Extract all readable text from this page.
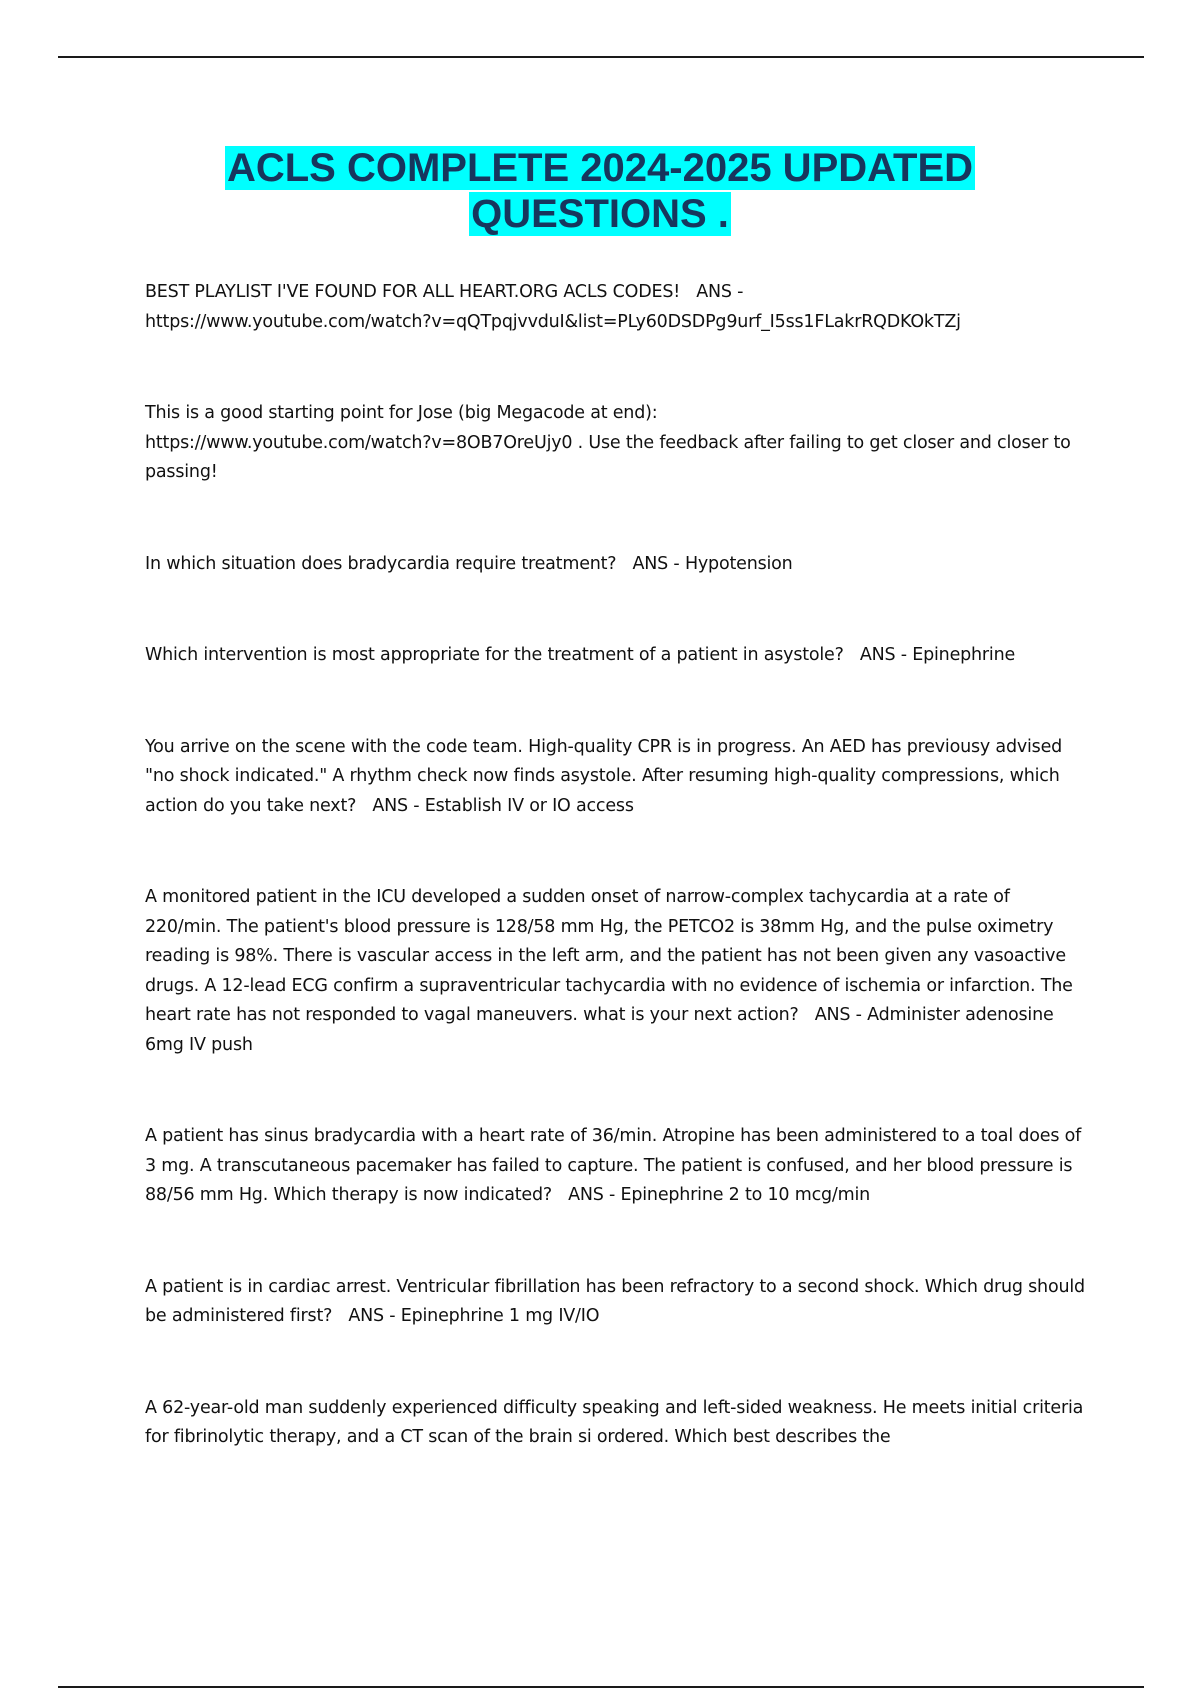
ACLS COMPLETE 2024-2025 UPDATED
QUESTIONS .

BEST PLAYLIST I'VE FOUND FOR ALL HEART.ORG ACLS CODES! ANS -
https://www.youtube.com/watch?v=qQTpqjvvduI&list=PLy60DSDPg9urf_I5ss1FLakrRQDKOkTZj

This is a good starting point for Jose (big Megacode at end):
https://www.youtube.com/watch?v=8OB7OreUjy0 . Use the feedback after failing to get closer and closer to passing!

In which situation does bradycardia require treatment? ANS - Hypotension

Which intervention is most appropriate for the treatment of a patient in asystole? ANS - Epinephrine

You arrive on the scene with the code team. High-quality CPR is in progress. An AED has previousy advised "no shock indicated." A rhythm check now finds asystole. After resuming high-quality compressions, which action do you take next? ANS - Establish IV or IO access

A monitored patient in the ICU developed a sudden onset of narrow-complex tachycardia at a rate of 220/min. The patient's blood pressure is 128/58 mm Hg, the PETCO2 is 38mm Hg, and the pulse oximetry reading is 98%. There is vascular access in the left arm, and the patient has not been given any vasoactive drugs. A 12-lead ECG confirm a supraventricular tachycardia with no evidence of ischemia or infarction. The heart rate has not responded to vagal maneuvers. what is your next action? ANS - Administer adenosine 6mg IV push

A patient has sinus bradycardia with a heart rate of 36/min. Atropine has been administered to a toal does of 3 mg. A transcutaneous pacemaker has failed to capture. The patient is confused, and her blood pressure is 88/56 mm Hg. Which therapy is now indicated? ANS - Epinephrine 2 to 10 mcg/min

A patient is in cardiac arrest. Ventricular fibrillation has been refractory to a second shock. Which drug should be administered first? ANS - Epinephrine 1 mg IV/IO

A 62-year-old man suddenly experienced difficulty speaking and left-sided weakness. He meets initial criteria for fibrinolytic therapy, and a CT scan of the brain si ordered. Which best describes the
